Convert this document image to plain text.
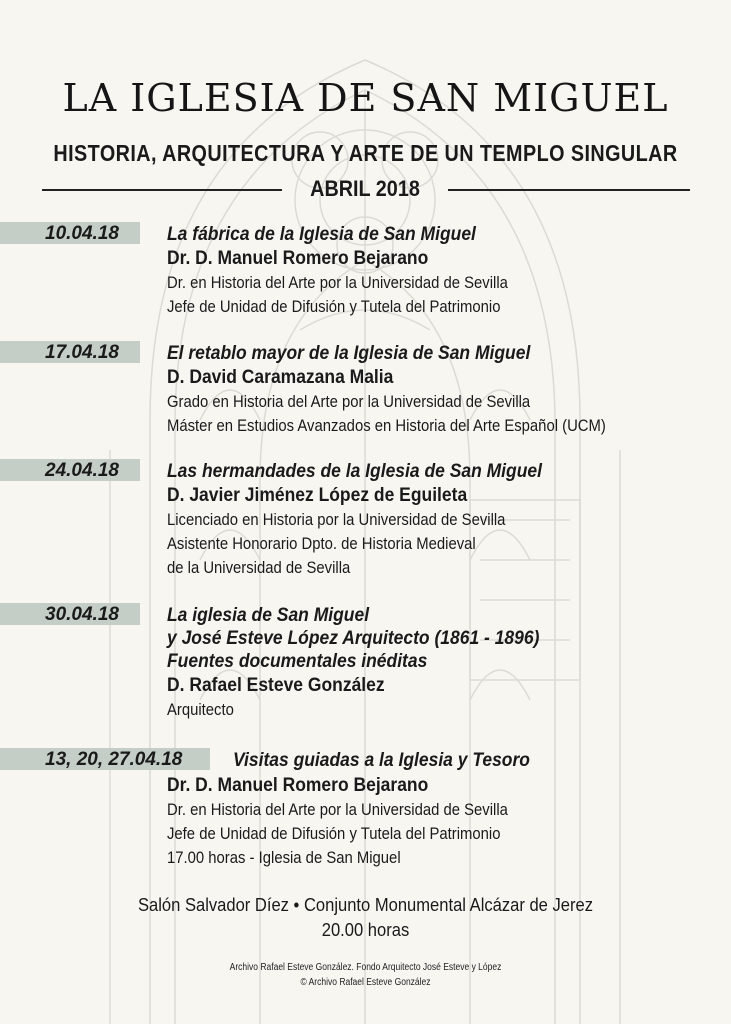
LA IGLESIA DE SAN MIGUEL
HISTORIA, ARQUITECTURA Y ARTE DE UN TEMPLO SINGULAR
ABRIL 2018
10.04.18	La fábrica de la Iglesia de San Miguel
Dr. D. Manuel Romero Bejarano
Dr. en Historia del Arte por la Universidad de Sevilla
Jefe de Unidad de Difusión y Tutela del Patrimonio
17.04.18	El retablo mayor de la Iglesia de San Miguel
D. David Caramazana Malia
Grado en Historia del Arte por la Universidad de Sevilla
Máster en Estudios Avanzados en Historia del Arte Español (UCM)
24.04.18	Las hermandades de la Iglesia de San Miguel
D. Javier Jiménez López de Eguileta
Licenciado en Historia por la Universidad de Sevilla
Asistente Honorario Dpto. de Historia Medieval
de la Universidad de Sevilla
30.04.18	La iglesia de San Miguel
y José Esteve López Arquitecto (1861 - 1896)
Fuentes documentales inéditas
D. Rafael Esteve González
Arquitecto
13, 20, 27.04.18	Visitas guiadas a la Iglesia y Tesoro
Dr. D. Manuel Romero Bejarano
Dr. en Historia del Arte por la Universidad de Sevilla
Jefe de Unidad de Difusión y Tutela del Patrimonio
17.00 horas - Iglesia de San Miguel
Salón Salvador Díez • Conjunto Monumental Alcázar de Jerez
20.00 horas
Archivo Rafael Esteve González. Fondo Arquitecto José Esteve y López
© Archivo Rafael Esteve González
